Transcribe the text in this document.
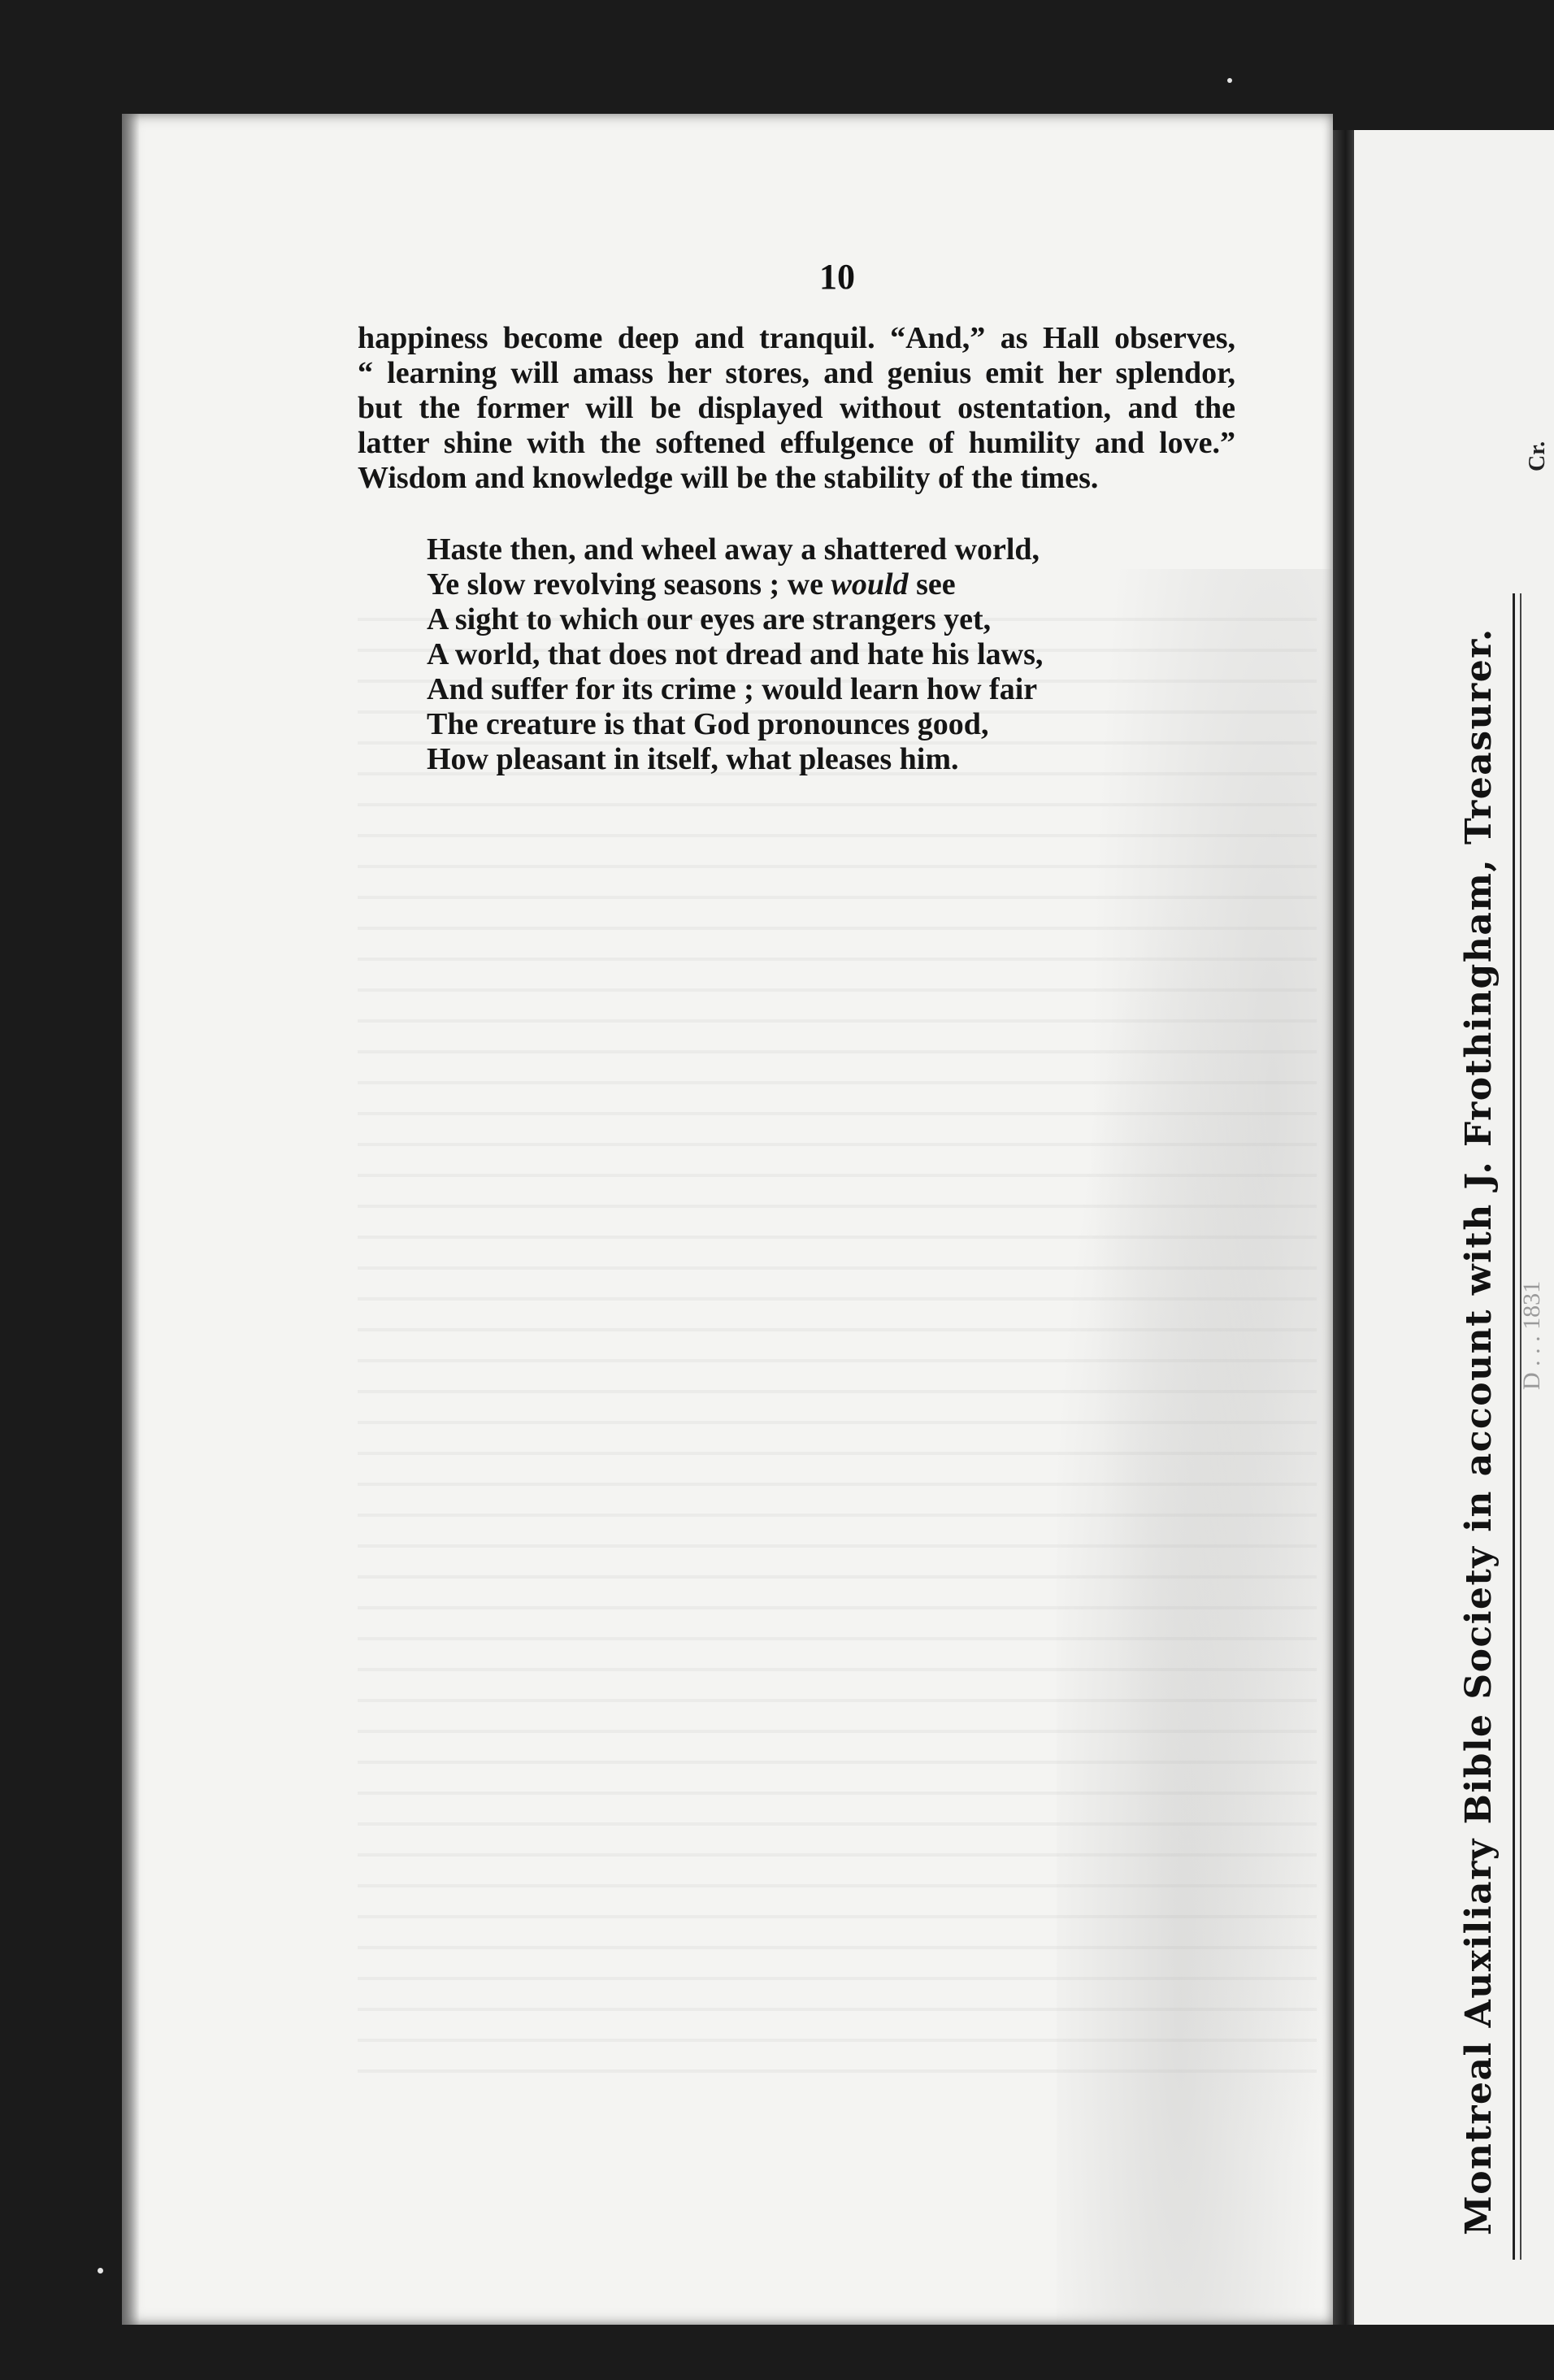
10
happiness become deep and tranquil. “And,” as Hall observes,
“ learning will amass her stores, and genius emit her splendor,
but the former will be displayed without ostentation, and the
latter shine with the softened effulgence of humility and love.”
Wisdom and knowledge will be the stability of the times.
Haste then, and wheel away a shattered world,
Ye slow revolving seasons ; we would see
A sight to which our eyes are strangers yet,
A world, that does not dread and hate his laws,
And suffer for its crime ; would learn how fair
The creature is that God pronounces good,
How pleasant in itself, what pleases him.	Montreal Auxiliary Bible Society in account with J. Frothingham, Treasurer. D . . . 1831
Cr.
